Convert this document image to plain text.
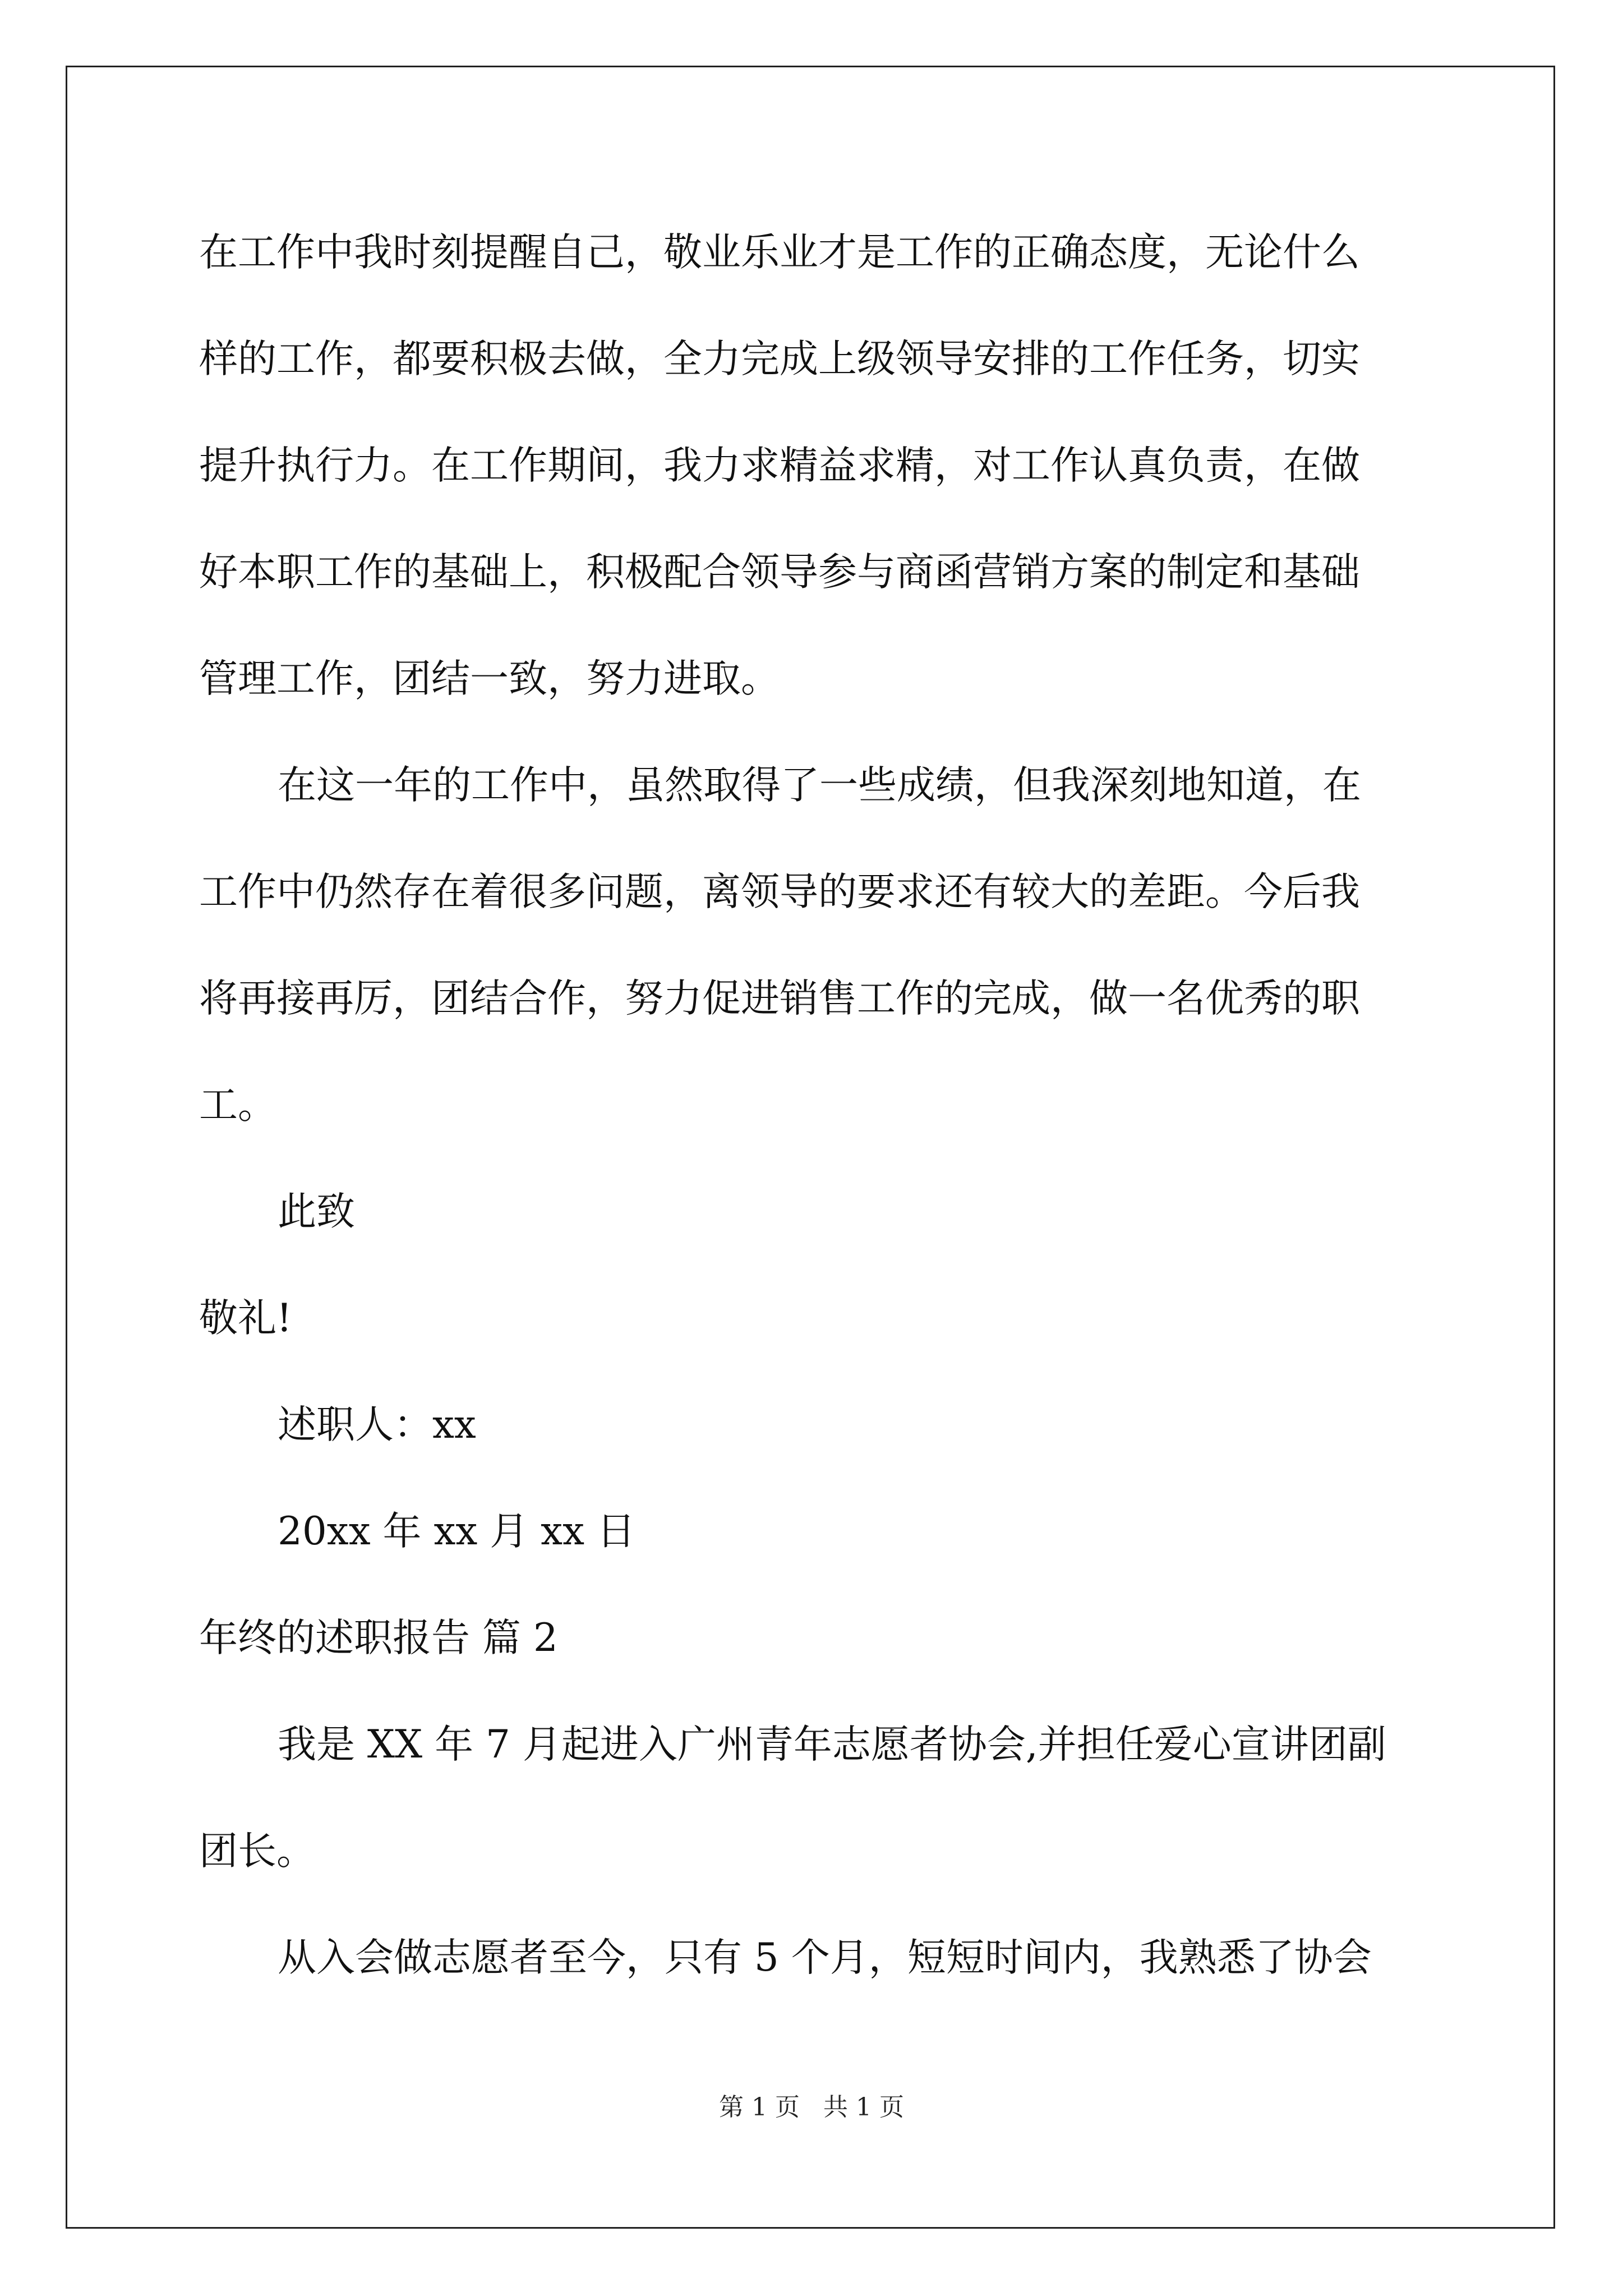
在工作中我时刻提醒自己，敬业乐业才是工作的正确态度，无论什么
样的工作，都要积极去做，全力完成上级领导安排的工作任务，切实
提升执行力。在工作期间，我力求精益求精，对工作认真负责，在做
好本职工作的基础上，积极配合领导参与商函营销方案的制定和基础
管理工作，团结一致，努力进取。
在这一年的工作中，虽然取得了一些成绩，但我深刻地知道，在
工作中仍然存在着很多问题，离领导的要求还有较大的差距。今后我
将再接再厉，团结合作，努力促进销售工作的完成，做一名优秀的职
工。
此致
敬礼!
述职人：xx
20xx 年 xx 月 xx 日
年终的述职报告 篇 2
我是 XX 年 7 月起进入广州青年志愿者协会,并担任爱心宣讲团副
团长。
从入会做志愿者至今，只有 5 个月，短短时间内，我熟悉了协会
第 1 页 共 1 页
